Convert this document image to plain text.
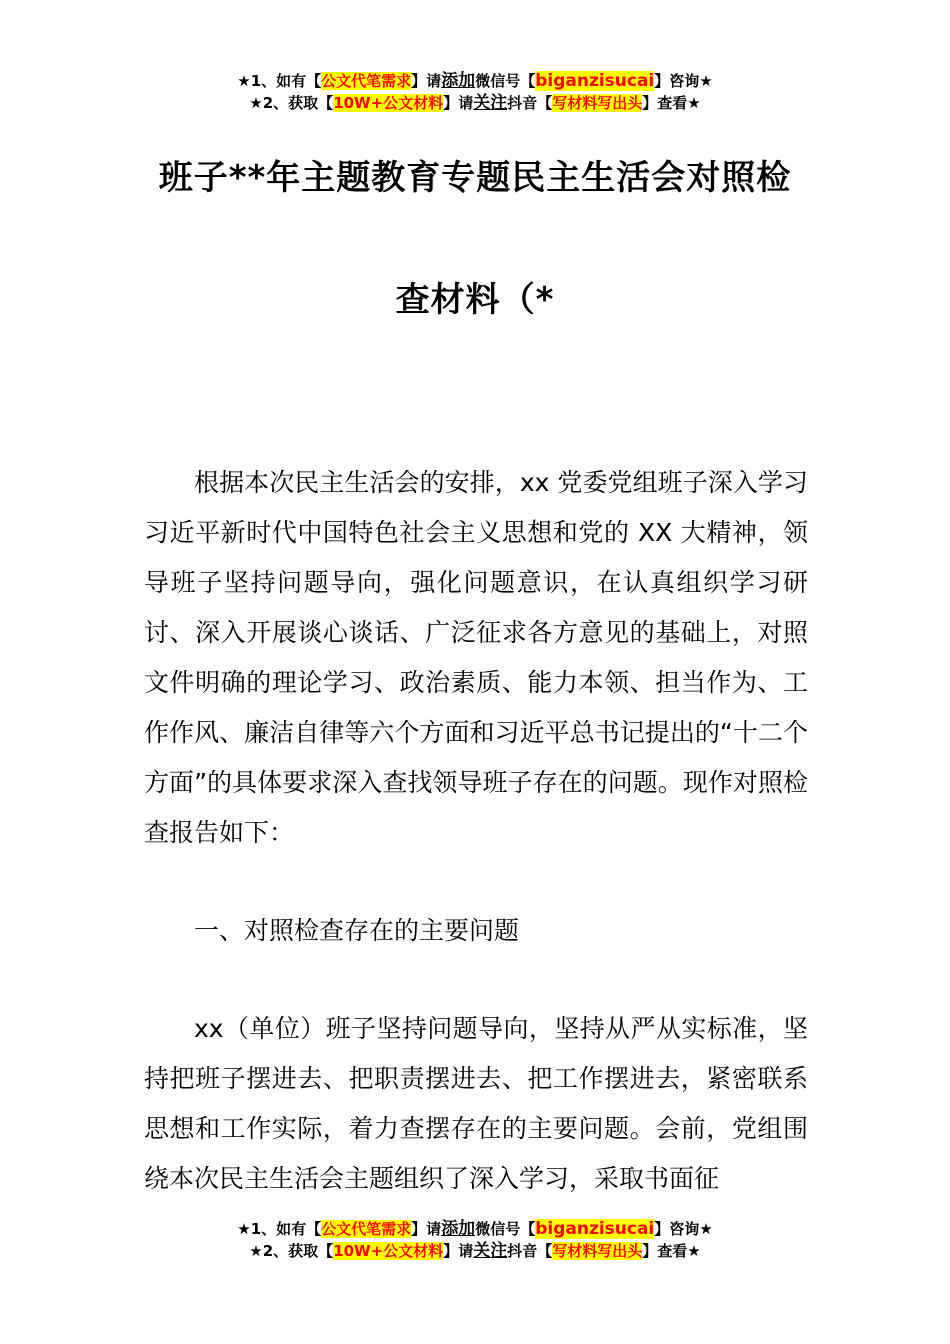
★1、如有【公文代笔需求】请添加微信号【biganzisucai】咨询★
★2、获取【10W+公文材料】请关注抖音【写材料写出头】查看★
班子**年主题教育专题民主生活会对照检
查材料（*

根据本次民主生活会的安排，xx 党委党组班子深入学习习近平新时代中国特色社会主义思想和党的 XX 大精神，领导班子坚持问题导向，强化问题意识，在认真组织学习研讨、深入开展谈心谈话、广泛征求各方意见的基础上，对照文件明确的理论学习、政治素质、能力本领、担当作为、工作作风、廉洁自律等六个方面和习近平总书记提出的“十二个方面”的具体要求深入查找领导班子存在的问题。现作对照检查报告如下：

一、对照检查存在的主要问题

xx（单位）班子坚持问题导向，坚持从严从实标准，坚持把班子摆进去、把职责摆进去、把工作摆进去，紧密联系思想和工作实际，着力查摆存在的主要问题。会前，党组围绕本次民主生活会主题组织了深入学习，采取书面征

★1、如有【公文代笔需求】请添加微信号【biganzisucai】咨询★
★2、获取【10W+公文材料】请关注抖音【写材料写出头】查看★
